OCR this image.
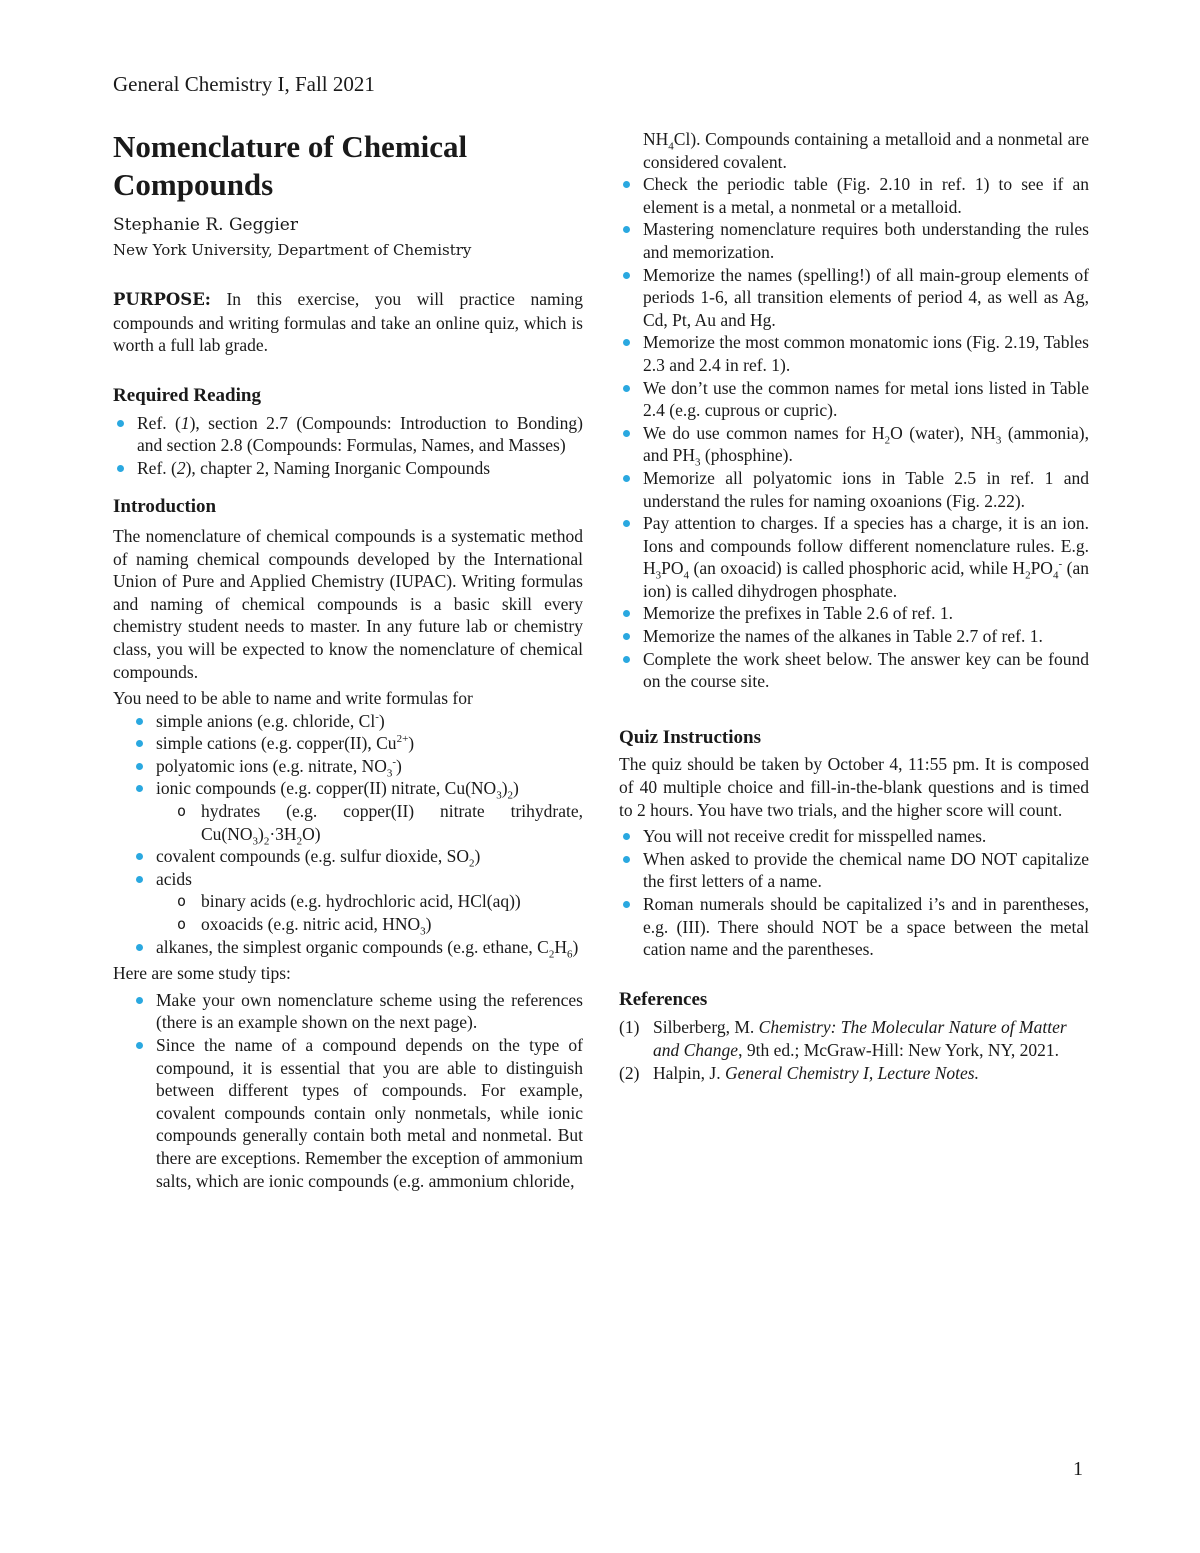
General Chemistry I, Fall 2021
Nomenclature of Chemical
Compounds

Stephanie R. Geggier

New York University, Department of Chemistry

PURPOSE: In this exercise, you will practice naming compounds and writing formulas and take an online quiz, which is worth a full lab grade.

Required Reading
Ref. (1), section 2.7 (Compounds: Introduction to Bonding) and section 2.8 (Compounds: Formulas, Names, and Masses)
Ref. (2), chapter 2, Naming Inorganic Compounds
Introduction

The nomenclature of chemical compounds is a systematic method of naming chemical compounds developed by the International Union of Pure and Applied Chemistry (IUPAC). Writing formulas and naming of chemical compounds is a basic skill every chemistry student needs to master. In any future lab or chemistry class, you will be expected to know the nomenclature of chemical compounds.

You need to be able to name and write formulas for

simple anions (e.g. chloride, Cl-)
simple cations (e.g. copper(II), $Cu^{2+}$)
polyatomic ions (e.g. nitrate, $NO_3^-$)
ionic compounds (e.g. copper(II) nitrate, $Cu(NO_3)_2$)
o hydrates (e.g. copper(II) nitrate trihydrate, $Cu(NO_3)_2\cdot 3H_2O$)
covalent compounds (e.g. sulfur dioxide, $SO_2$)
acids
o binary acids (e.g. hydrochloric acid, HCl(aq))
o oxoacids (e.g. nitric acid, $HNO_3$)
alkanes, the simplest organic compounds (e.g. ethane, $C_2H_6$)

Here are some study tips:

Make your own nomenclature scheme using the references (there is an example shown on the next page).
Since the name of a compound depends on the type of compound, it is essential that you are able to distinguish between different types of compounds. For example, covalent compounds contain only nonmetals, while ionic compounds generally contain both metal and nonmetal. But there are exceptions. Remember the exception of ammonium salts, which are ionic compounds (e.g. ammonium chloride,
$NH_4Cl$). Compounds containing a metalloid and a nonmetal are considered covalent.
Check the periodic table (Fig. 2.10 in ref. 1) to see if an element is a metal, a nonmetal or a metalloid.
Mastering nomenclature requires both understanding the rules and memorization.
Memorize the names (spelling!) of all main-group elements of periods 1-6, all transition elements of period 4, as well as Ag, Cd, Pt, Au and Hg.
Memorize the most common monatomic ions (Fig. 2.19, Tables 2.3 and 2.4 in ref. 1).
We don’t use the common names for metal ions listed in Table 2.4 (e.g. cuprous or cupric).
We do use common names for $H_2O$ (water), $NH_3$ (ammonia), and $PH_3$ (phosphine).
Memorize all polyatomic ions in Table 2.5 in ref. 1 and understand the rules for naming oxoanions (Fig. 2.22).
Pay attention to charges. If a species has a charge, it is an ion. Ions and compounds follow different nomenclature rules. E.g. $H_3PO_4$ (an oxoacid) is called phosphoric acid, while $H_2PO_4^-$ (an ion) is called dihydrogen phosphate.
Memorize the prefixes in Table 2.6 of ref. 1.
Memorize the names of the alkanes in Table 2.7 of ref. 1.
Complete the work sheet below. The answer key can be found on the course site.
Quiz Instructions

The quiz should be taken by October 4, 11:55 pm. It is composed of 40 multiple choice and fill-in-the-blank questions and is timed to 2 hours. You have two trials, and the higher score will count.

You will not receive credit for misspelled names.
When asked to provide the chemical name DO NOT capitalize the first letters of a name.
Roman numerals should be capitalized i’s and in parentheses, e.g. (III). There should NOT be a space between the metal cation name and the parentheses.
References
(1) Silberberg, M. Chemistry: The Molecular Nature of Matter and Change, 9th ed.; McGraw-Hill: New York, NY, 2021.
(2) Halpin, J. General Chemistry I, Lecture Notes.
1
